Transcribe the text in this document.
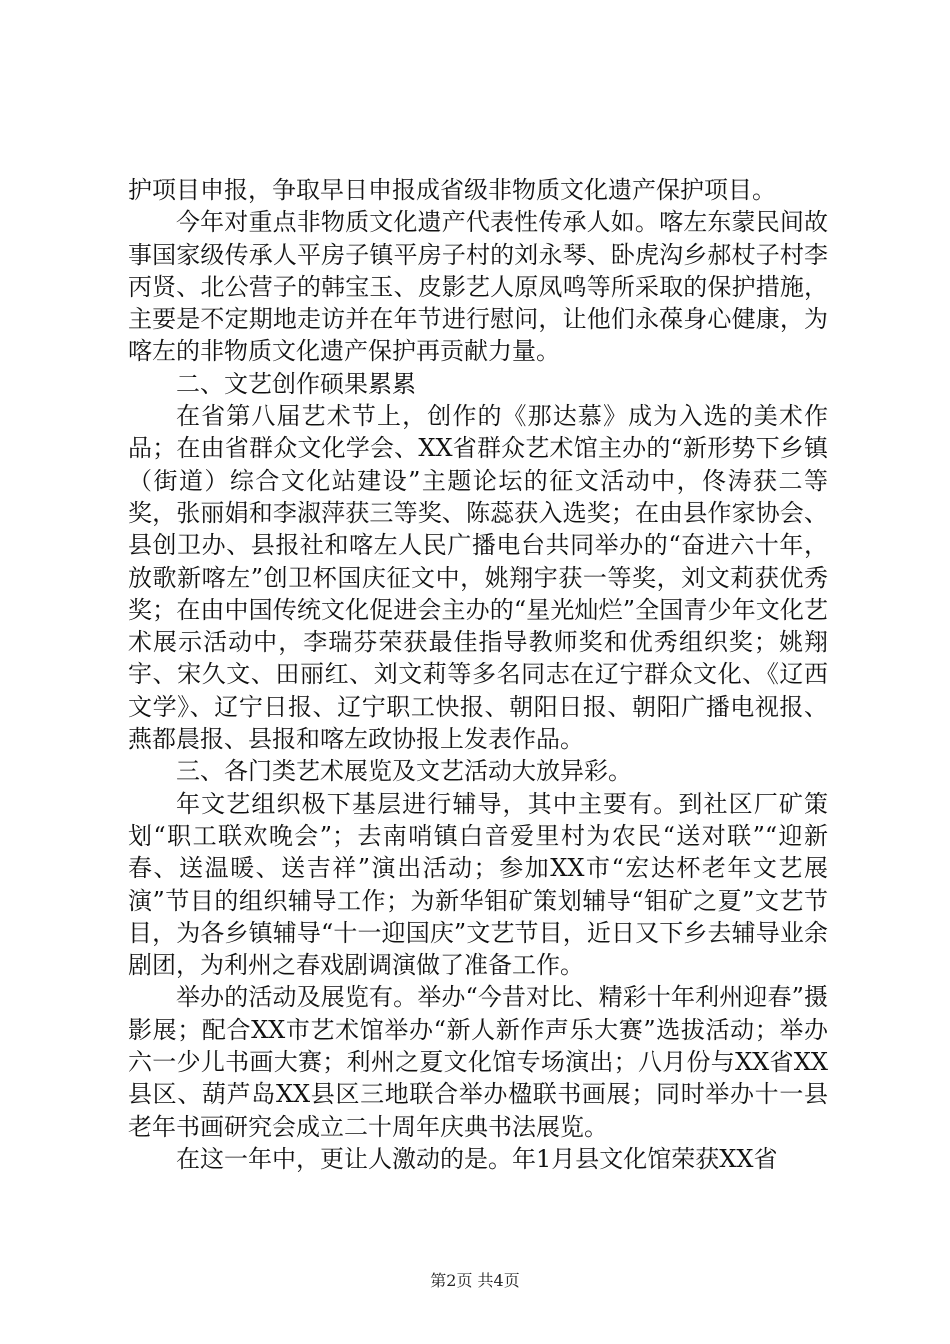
护项目申报，争取早日申报成省级非物质文化遗产保护项目。

今年对重点非物质文化遗产代表性传承人如。喀左东蒙民间故事国家级传承人平房子镇平房子村的刘永琴、卧虎沟乡郝杖子村李丙贤、北公营子的韩宝玉、皮影艺人原凤鸣等所采取的保护措施，主要是不定期地走访并在年节进行慰问，让他们永葆身心健康，为喀左的非物质文化遗产保护再贡献力量。

二、文艺创作硕果累累

在省第八届艺术节上，创作的《那达慕》成为入选的美术作品；在由省群众文化学会、XX省群众艺术馆主办的“新形势下乡镇（街道）综合文化站建设”主题论坛的征文活动中，佟涛获二等奖，张丽娟和李淑萍获三等奖、陈蕊获入选奖；在由县作家协会、县创卫办、县报社和喀左人民广播电台共同举办的“奋进六十年，放歌新喀左”创卫杯国庆征文中，姚翔宇获一等奖，刘文莉获优秀奖；在由中国传统文化促进会主办的“星光灿烂”全国青少年文化艺术展示活动中，李瑞芬荣获最佳指导教师奖和优秀组织奖；姚翔宇、宋久文、田丽红、刘文莉等多名同志在辽宁群众文化、《辽西文学》、辽宁日报、辽宁职工快报、朝阳日报、朝阳广播电视报、燕都晨报、县报和喀左政协报上发表作品。

三、各门类艺术展览及文艺活动大放异彩。

年文艺组织极下基层进行辅导，其中主要有。到社区厂矿策划“职工联欢晚会”；去南哨镇白音爱里村为农民“送对联”“迎新春、送温暖、送吉祥”演出活动；参加XX市“宏达杯老年文艺展演”节目的组织辅导工作；为新华钼矿策划辅导“钼矿之夏”文艺节目，为各乡镇辅导“十一迎国庆”文艺节目，近日又下乡去辅导业余剧团，为利州之春戏剧调演做了准备工作。

举办的活动及展览有。举办“今昔对比、精彩十年利州迎春”摄影展；配合XX市艺术馆举办“新人新作声乐大赛”选拔活动；举办六一少儿书画大赛；利州之夏文化馆专场演出；八月份与XX省XX县区、葫芦岛XX县区三地联合举办楹联书画展；同时举办十一县老年书画研究会成立二十周年庆典书法展览。

在这一年中，更让人激动的是。年1月县文化馆荣获XX省

第2页 共4页
